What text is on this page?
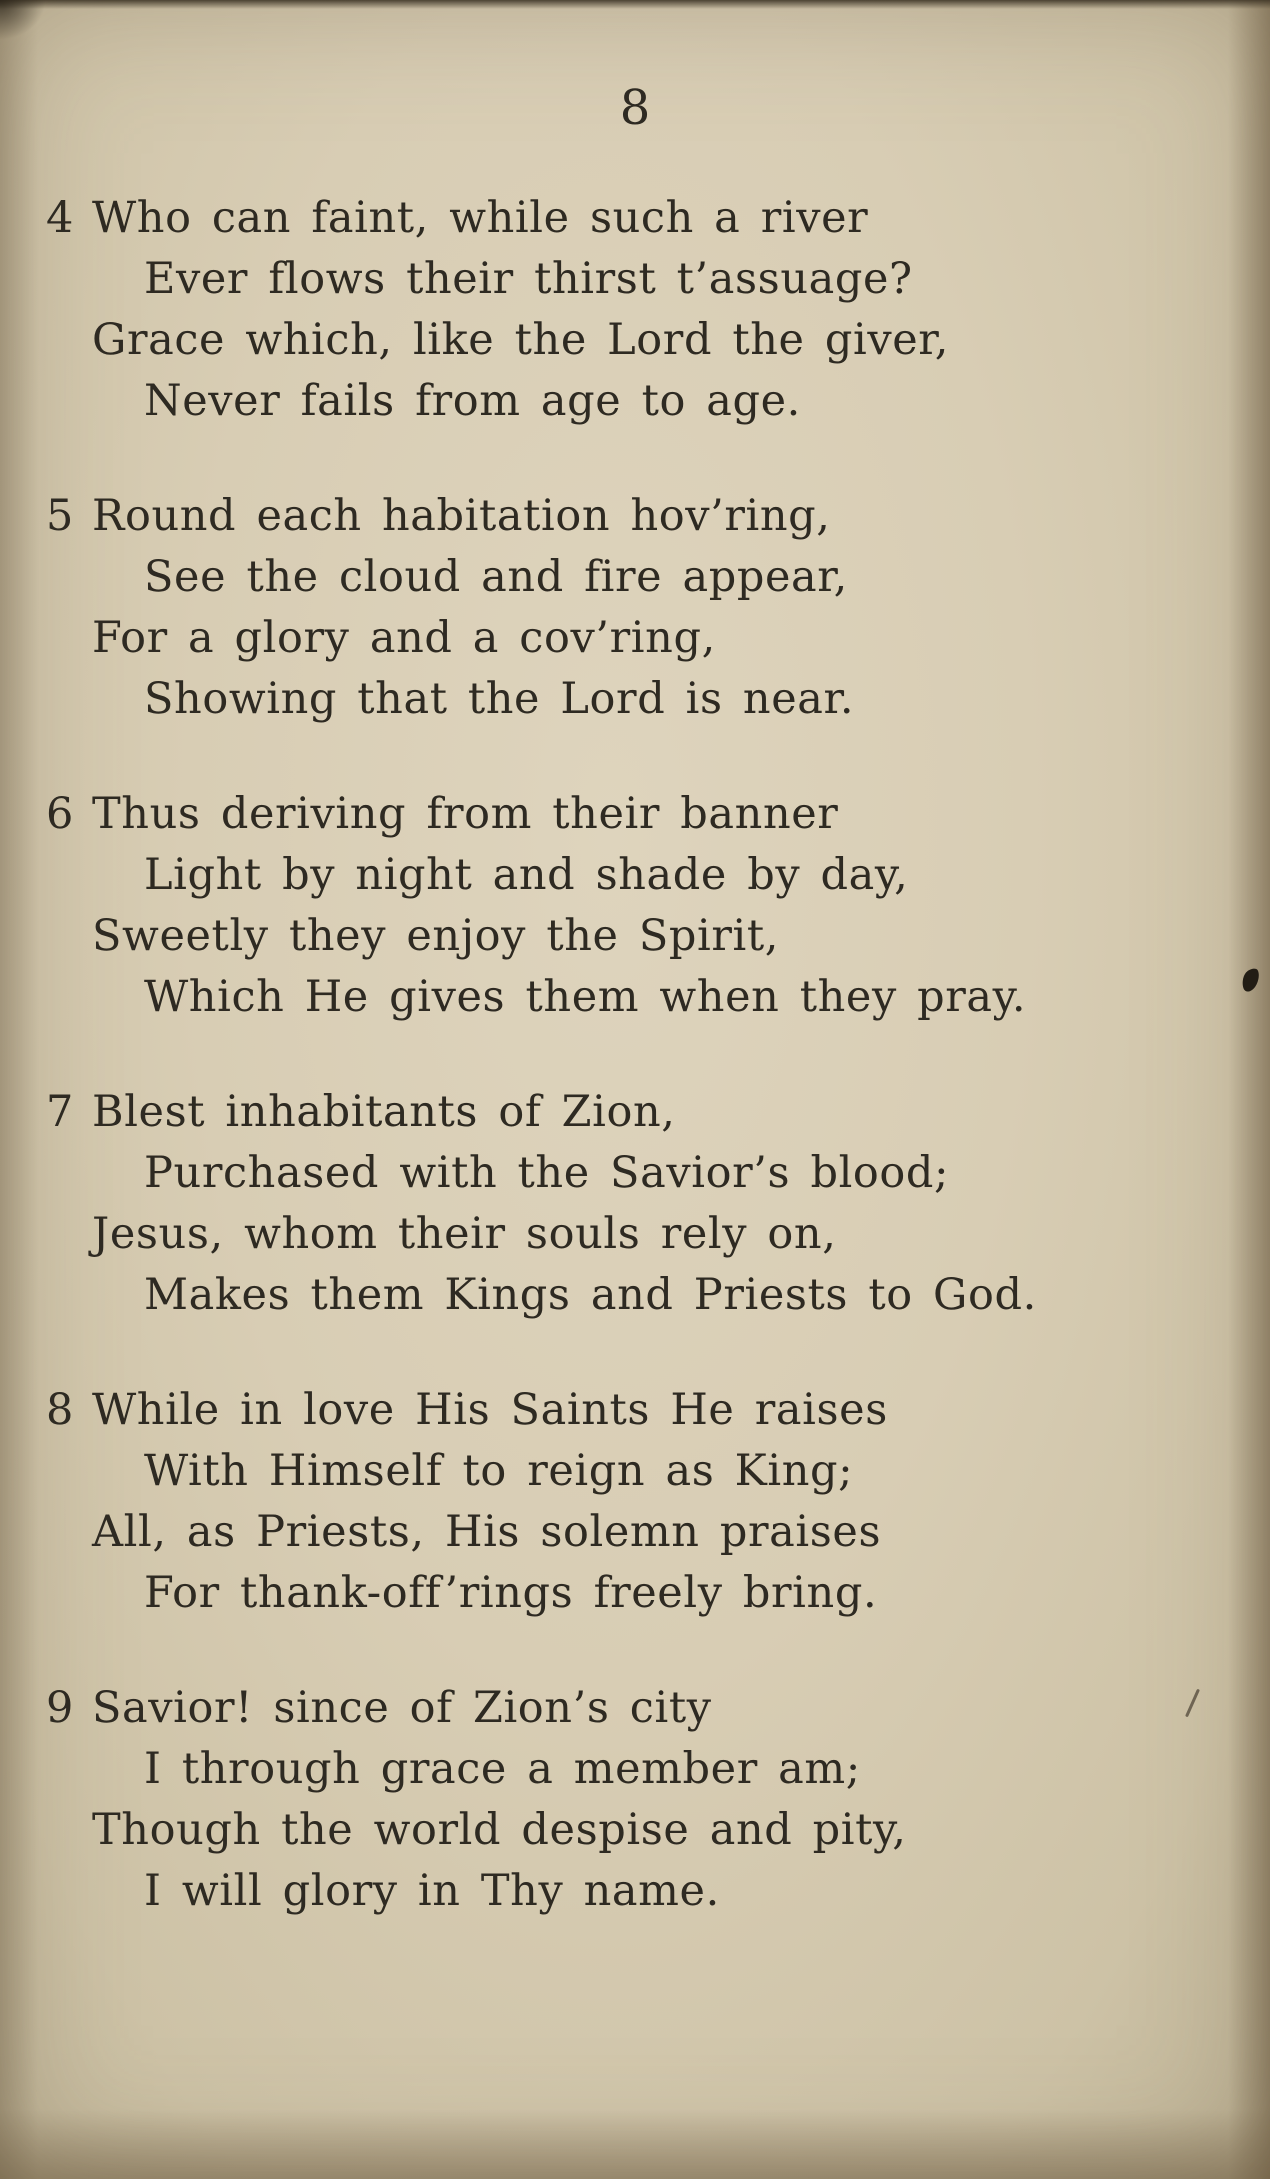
8
4 Who can faint, while such a river
Ever flows their thirst t’assuage?
Grace which, like the Lord the giver,
Never fails from age to age.
5 Round each habitation hov’ring,
See the cloud and fire appear,
For a glory and a cov’ring,
Showing that the Lord is near.
6 Thus deriving from their banner
Light by night and shade by day,
Sweetly they enjoy the Spirit,
Which He gives them when they pray.
7 Blest inhabitants of Zion,
Purchased with the Savior’s blood;
Jesus, whom their souls rely on,
Makes them Kings and Priests to God.
8 While in love His Saints He raises
With Himself to reign as King;
All, as Priests, His solemn praises
For thank-off’rings freely bring.
9 Savior! since of Zion’s city
I through grace a member am;
Though the world despise and pity,
I will glory in Thy name.
